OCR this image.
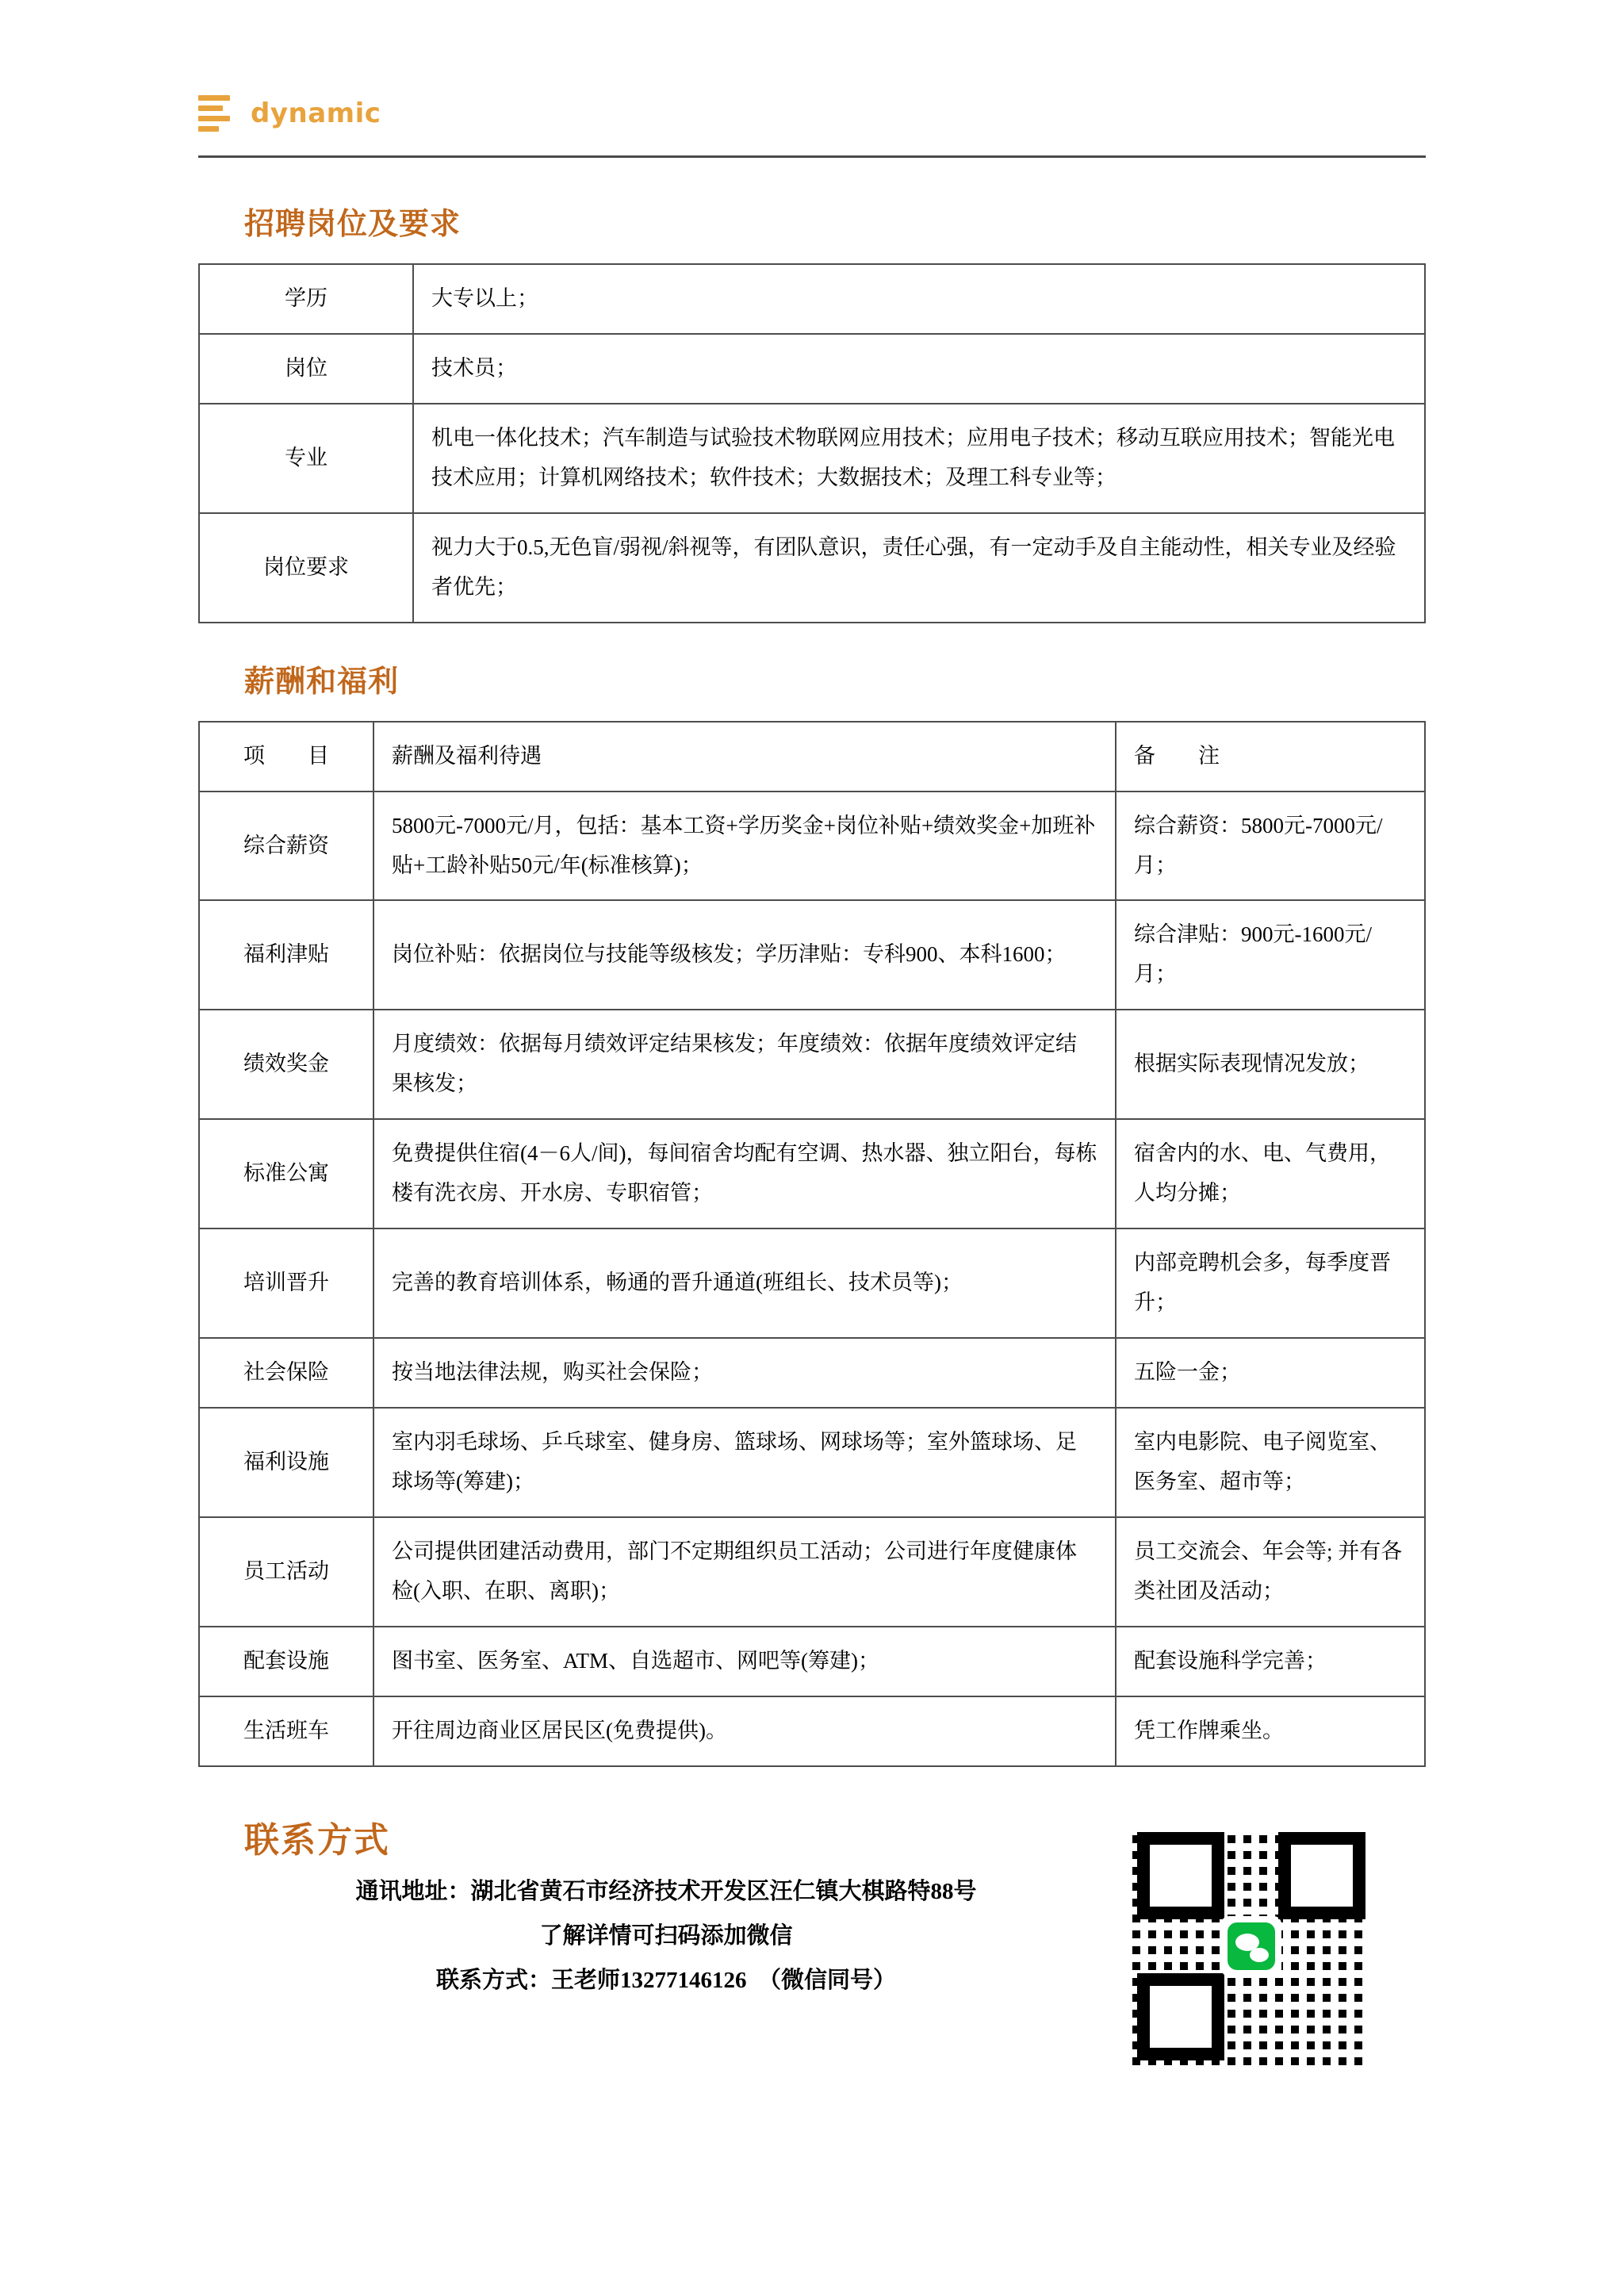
dynamic
招聘岗位及要求
学历	大专以上；
岗位	技术员；
专业	机电一体化技术；汽车制造与试验技术物联网应用技术；应用电子技术；移动互联应用技术；智能光电技术应用；计算机网络技术；软件技术；大数据技术；及理工科专业等；
岗位要求	视力大于0.5,无色盲/弱视/斜视等，有团队意识，责任心强，有一定动手及自主能动性，相关专业及经验者优先；
薪酬和福利
项　　目	薪酬及福利待遇	备　　注
综合薪资	5800元-7000元/月，包括：基本工资+学历奖金+岗位补贴+绩效奖金+加班补贴+工龄补贴50元/年(标准核算)；	综合薪资：5800元-7000元/月；
福利津贴	岗位补贴：依据岗位与技能等级核发；学历津贴：专科900、本科1600；	综合津贴：900元-1600元/月；
绩效奖金	月度绩效：依据每月绩效评定结果核发；年度绩效：依据年度绩效评定结果核发；	根据实际表现情况发放；
标准公寓	免费提供住宿(4－6人/间)，每间宿舍均配有空调、热水器、独立阳台，每栋楼有洗衣房、开水房、专职宿管；	宿舍内的水、电、气费用，人均分摊；
培训晋升	完善的教育培训体系，畅通的晋升通道(班组长、技术员等)；	内部竞聘机会多，每季度晋升；
社会保险	按当地法律法规，购买社会保险；	五险一金；
福利设施	室内羽毛球场、乒乓球室、健身房、篮球场、网球场等；室外篮球场、足球场等(筹建)；	室内电影院、电子阅览室、医务室、超市等；
员工活动	公司提供团建活动费用，部门不定期组织员工活动；公司进行年度健康体检(入职、在职、离职)；	员工交流会、年会等; 并有各类社团及活动；
配套设施	图书室、医务室、ATM、自选超市、网吧等(筹建)；	配套设施科学完善；
生活班车	开往周边商业区居民区(免费提供)。	凭工作牌乘坐。
联系方式

通讯地址：湖北省黄石市经济技术开发区汪仁镇大棋路特88号

了解详情可扫码添加微信

联系方式：王老师13277146126　（微信同号）
